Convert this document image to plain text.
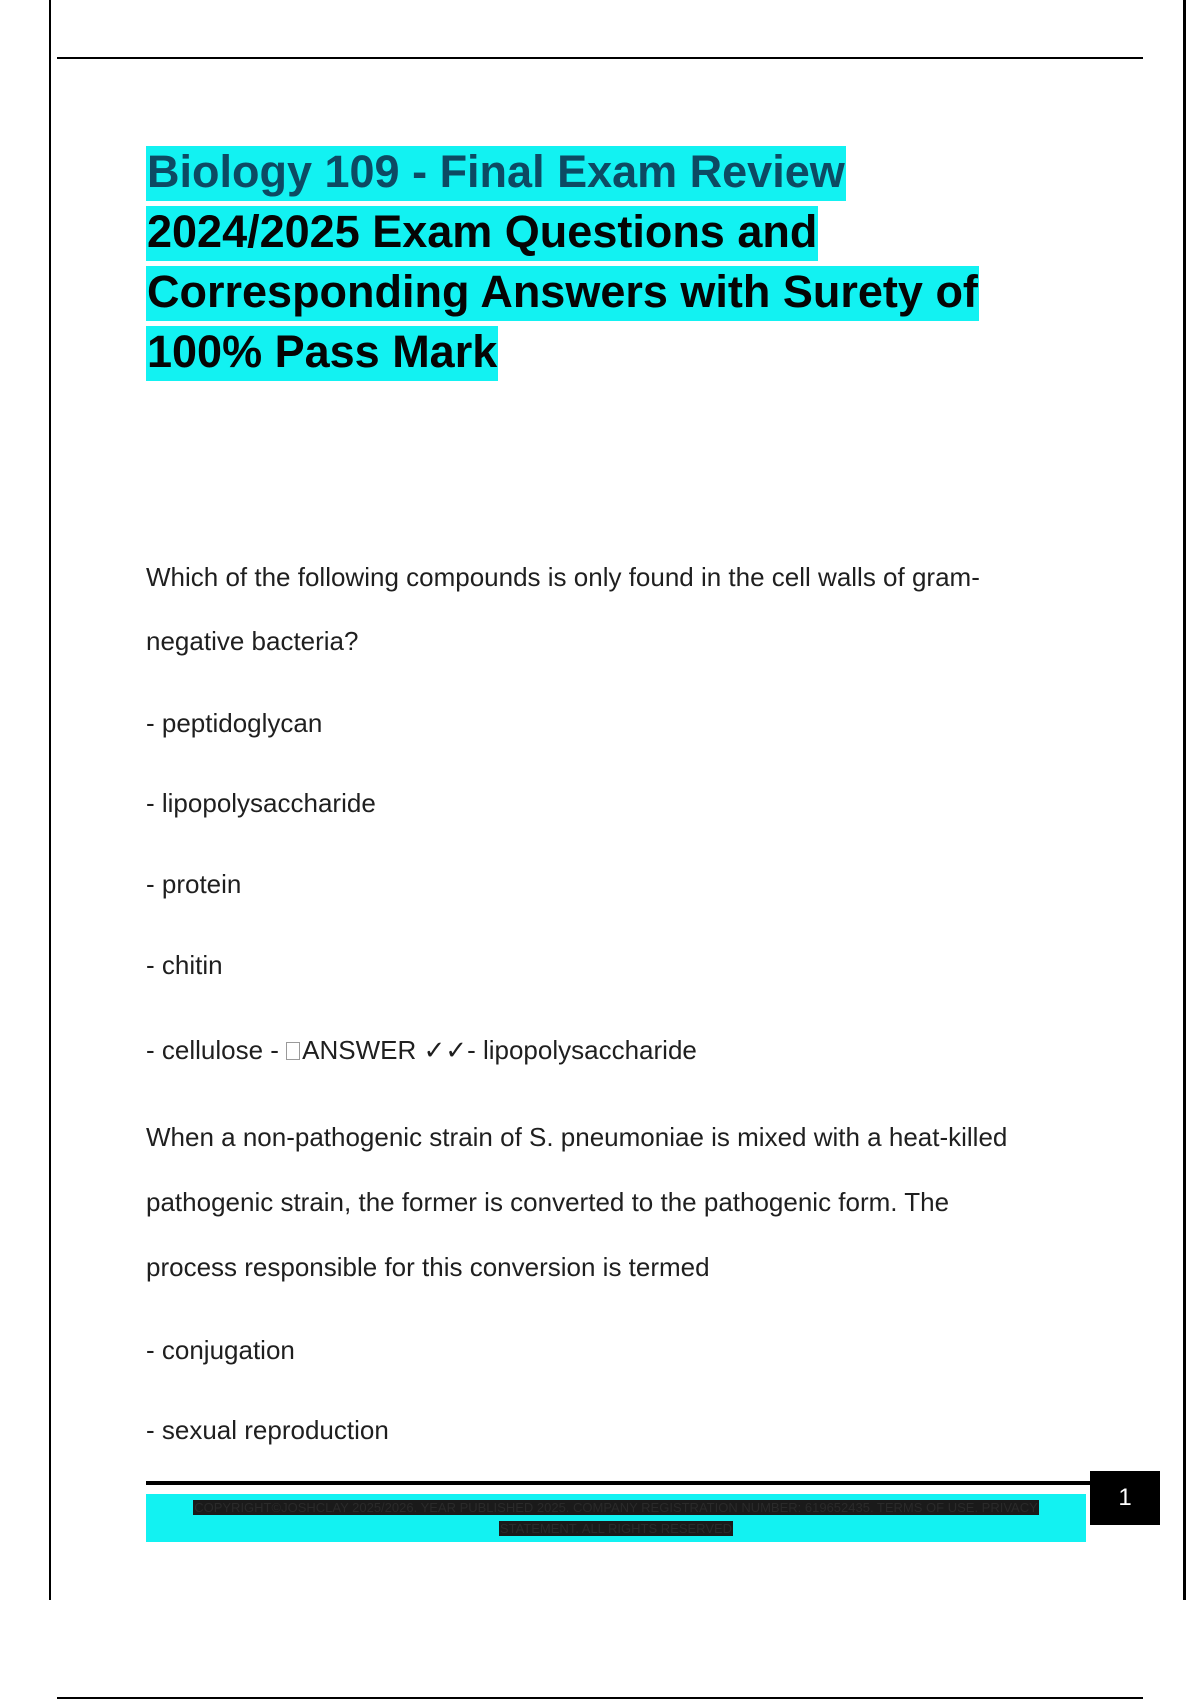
Biology 109 - Final Exam Review
2024/2025 Exam Questions and
Corresponding Answers with Surety of
100% Pass Mark
Which of the following compounds is only found in the cell walls of gram-
negative bacteria?
- peptidoglycan
- lipopolysaccharide
- protein
- chitin
- cellulose - ANSWER ✓✓- lipopolysaccharide
When a non-pathogenic strain of S. pneumoniae is mixed with a heat-killed
pathogenic strain, the former is converted to the pathogenic form. The
process responsible for this conversion is termed
- conjugation
- sexual reproduction
COPYRIGHT©JOSHCLAY 2025/2026. YEAR PUBLISHED 2025. COMPANY REGISTRATION NUMBER: 619652435. TERMS OF USE. PRIVACY
STATEMENT. ALL RIGHTS RESERVED
1
